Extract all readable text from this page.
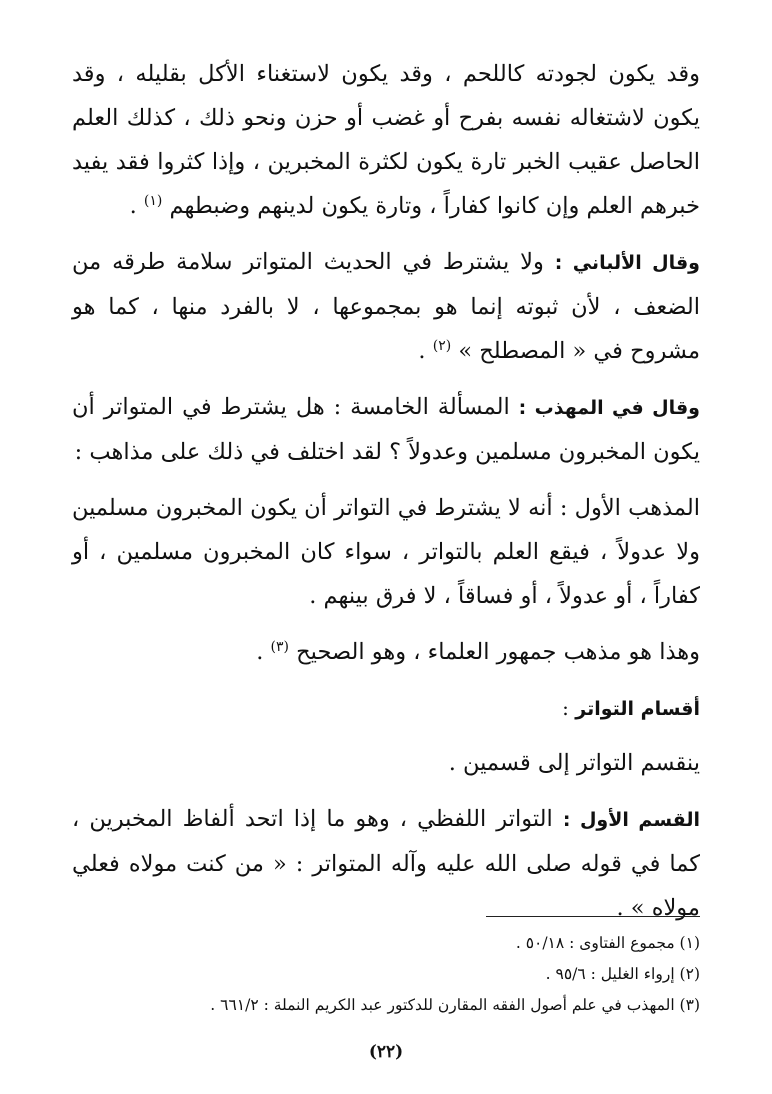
وقد يكون لجودته كاللحم ، وقد يكون لاستغناء الأكل بقليله ، وقد يكون لاشتغاله نفسه بفرح أو غضب أو حزن ونحو ذلك ، كذلك العلم الحاصل عقيب الخبر تارة يكون لكثرة المخبرين ، وإذا كثروا فقد يفيد خبرهم العلم وإن كانوا كفاراً ، وتارة يكون لدينهم وضبطهم $^{(١)}$ .

وقال الألباني : ولا يشترط في الحديث المتواتر سلامة طرقه من الضعف ، لأن ثبوته إنما هو بمجموعها ، لا بالفرد منها ، كما هو مشروح في « المصطلح » $^{(٢)}$ .

وقال في المهذب : المسألة الخامسة : هل يشترط في المتواتر أن يكون المخبرون مسلمين وعدولاً ؟ لقد اختلف في ذلك على مذاهب :

المذهب الأول : أنه لا يشترط في التواتر أن يكون المخبرون مسلمين ولا عدولاً ، فيقع العلم بالتواتر ، سواء كان المخبرون مسلمين ، أو كفاراً ، أو عدولاً ، أو فساقاً ، لا فرق بينهم .

وهذا هو مذهب جمهور العلماء ، وهو الصحيح $^{(٣)}$ .

أقسام التواتر :

ينقسم التواتر إلى قسمين .

القسم الأول : التواتر اللفظي ، وهو ما إذا اتحد ألفاظ المخبرين ، كما في قوله صلى الله عليه وآله المتواتر : « من كنت مولاه فعلي مولاه » .

(١) مجموع الفتاوى : ٥٠/١٨ .

(٢) إرواء الغليل : ٩٥/٦ .

(٣) المهذب في علم أصول الفقه المقارن للدكتور عبد الكريم النملة : ٦٦١/٢ .

(٢٢)
